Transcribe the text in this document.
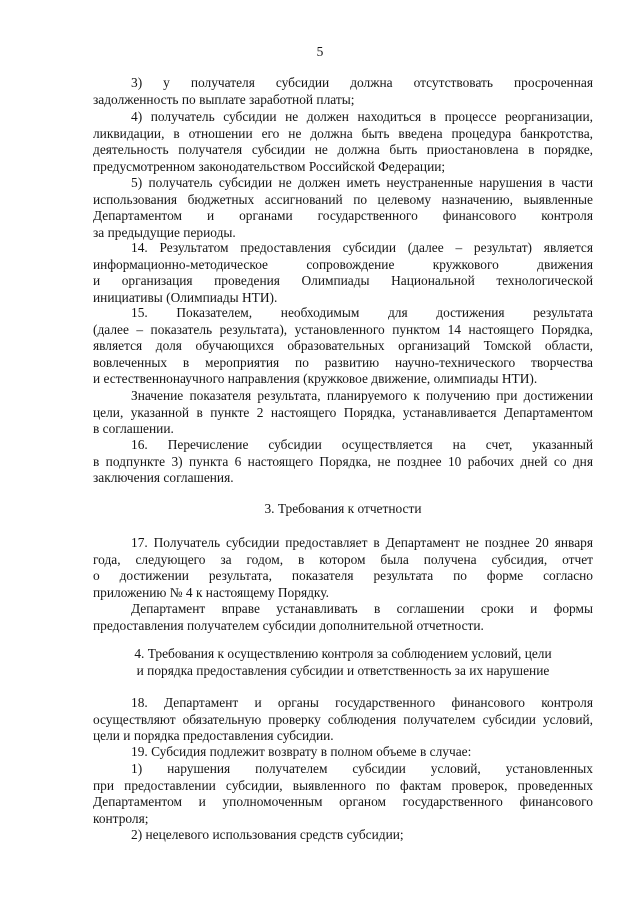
5
3) у получателя субсидии должна отсутствовать просроченная
задолженность по выплате заработной платы;
4) получатель субсидии не должен находиться в процессе реорганизации,
ликвидации, в отношении его не должна быть введена процедура банкротства,
деятельность получателя субсидии не должна быть приостановлена в порядке,
предусмотренном законодательством Российской Федерации;
5) получатель субсидии не должен иметь неустраненные нарушения в части
использования бюджетных ассигнований по целевому назначению, выявленные
Департаментом и органами государственного финансового контроля
за предыдущие периоды.
14. Результатом предоставления субсидии (далее – результат) является
информационно-методическое сопровождение кружкового движения
и организация проведения Олимпиады Национальной технологической
инициативы (Олимпиады НТИ).
15. Показателем, необходимым для достижения результата
(далее – показатель результата), установленного пунктом 14 настоящего Порядка,
является доля обучающихся образовательных организаций Томской области,
вовлеченных в мероприятия по развитию научно-технического творчества
и естественнонаучного направления (кружковое движение, олимпиады НТИ).
Значение показателя результата, планируемого к получению при достижении
цели, указанной в пункте 2 настоящего Порядка, устанавливается Департаментом
в соглашении.
16. Перечисление субсидии осуществляется на счет, указанный
в подпункте 3) пункта 6 настоящего Порядка, не позднее 10 рабочих дней со дня
заключения соглашения.
3. Требования к отчетности
17. Получатель субсидии предоставляет в Департамент не позднее 20 января
года, следующего за годом, в котором была получена субсидия, отчет
о достижении результата, показателя результата по форме согласно
приложению № 4 к настоящему Порядку.
Департамент вправе устанавливать в соглашении сроки и формы
предоставления получателем субсидии дополнительной отчетности.
4. Требования к осуществлению контроля за соблюдением условий, цели
и порядка предоставления субсидии и ответственность за их нарушение
18. Департамент и органы государственного финансового контроля
осуществляют обязательную проверку соблюдения получателем субсидии условий,
цели и порядка предоставления субсидии.
19. Субсидия подлежит возврату в полном объеме в случае:
1) нарушения получателем субсидии условий, установленных
при предоставлении субсидии, выявленного по фактам проверок, проведенных
Департаментом и уполномоченным органом государственного финансового
контроля;
2) нецелевого использования средств субсидии;
